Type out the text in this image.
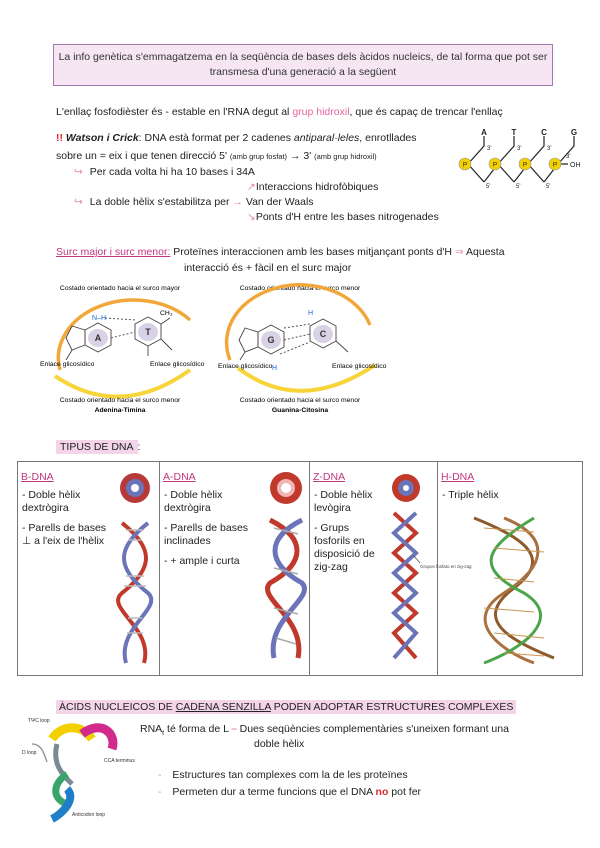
La info genètica s'emmagatzema en la seqüència de bases dels àcidos nucleics, de tal forma que pot ser transmesa d'una generació a la següent
L'enllaç fosfodièster és - estable en l'RNA degut al grup hidroxil, que és capaç de trencar l'enllaç
!! Watson i Crick: DNA està format per 2 cadenes antiparal·leles, enrotllades
sobre un = eix i que tenen direcció 5' (amb grup fosfat) → 3' (amb grup hidroxil)
↪ Per cada volta hi ha 10 bases i 34A
↗Interaccions hidrofòbiques
↪ La doble hèlix s'estabilitza per → Van der Waals
↘Ponts d'H entre les bases nitrogenades
P	P	P	P
A	T	C	G
3'	3'	3'
3'
5'	5'	5'
OH
Surc major i surc menor: Proteïnes interaccionen amb les bases mitjançant ponts d'H ⇒ Aquesta
interacció és + fàcil en el surc major
Costado orientado hacia el surco mayor
A
T
CH₃
N–H
Enlace glicosídico	Enlace glicosídico
Costado orientado hacia el surco menor
Adenina-Timina
Costado orientado hacia el surco menor
G
C
H
H
Enlace glicosídico	Enlace glicosídico
Costado orientado hacia el surco menor
Guanina-Citosina
TIPUS DE DNA :
B-DNA
- Doble hèlix dextrògira
- Parells de bases ⊥ a l'eix de l'hèlix
A-DNA
- Doble hèlix dextrògira
- Parells de bases inclinades
- + ample i curta
Z-DNA
- Doble hèlix levògira
- Grups fosforils en disposició de zig-zag	Grupos fosfato en zig-zag
H-DNA
- Triple hèlix
ÀCIDS NUCLEICOS DE CADENA SENZILLA PODEN ADOPTAR ESTRUCTURES COMPLEXES
TΨC loop
D loop
CCA terminus
Anticodon loop
$RNA_t$ té forma de L ⎯ Dues seqüències complementàries s'uneixen formant una
doble hèlix
- Estructures tan complexes com la de les proteïnes
- Permeten dur a terme funcions que el DNA no pot fer
